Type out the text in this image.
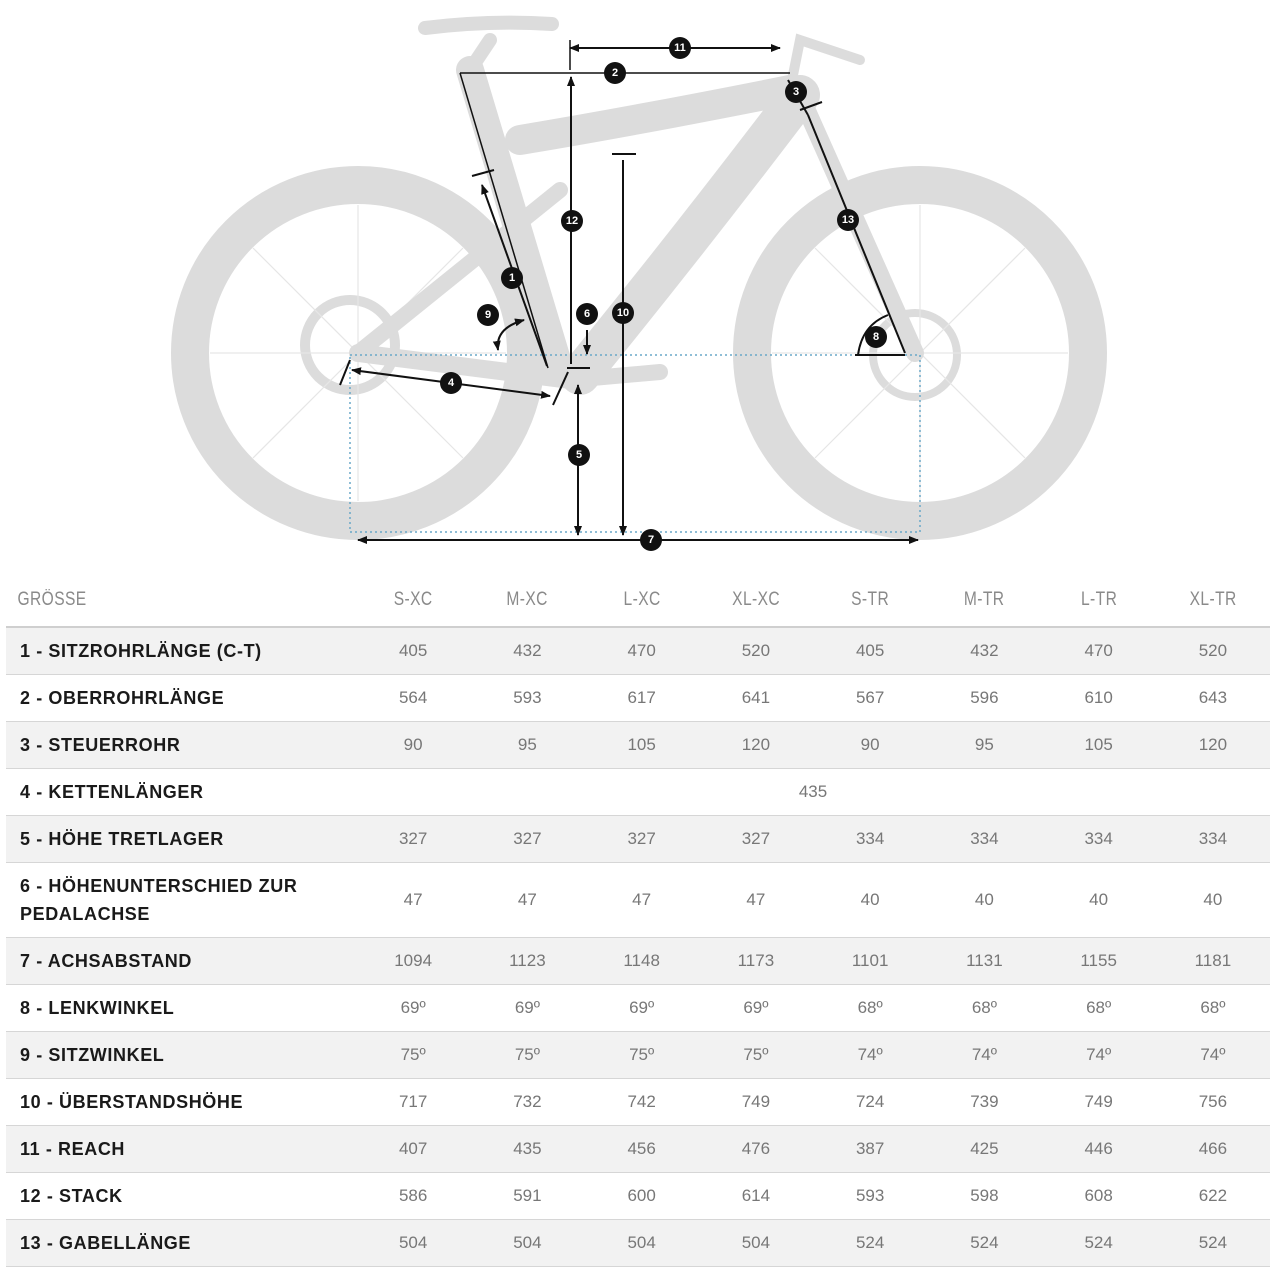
11
2
3
12	13
1
9	6 10
8
4
5
7
GRÖSSE	S-XC	M-XC	L-XC	XL-XC	S-TR	M-TR	L-TR	XL-TR
1 - SITZROHRLÄNGE (C-T)	405	432	470	520	405	432	470	520
2 - OBERROHRLÄNGE	564	593	617	641	567	596	610	643
3 - STEUERROHR	90	95	105	120	90	95	105	120
4 - KETTENLÄNGER	435							
5 - HÖHE TRETLAGER	327	327	327	327	334	334	334	334
6 - HÖHENUNTERSCHIED ZUR PEDALACHSE	47	47	47	47	40	40	40	40
7 - ACHSABSTAND	1094	1123	1148	1173	1101	1131	1155	1181
8 - LENKWINKEL	69º	69º	69º	69º	68º	68º	68º	68º
9 - SITZWINKEL	75º	75º	75º	75º	74º	74º	74º	74º
10 - ÜBERSTANDSHÖHE	717	732	742	749	724	739	749	756
11 - REACH	407	435	456	476	387	425	446	466
12 - STACK	586	591	600	614	593	598	608	622
13 - GABELLÄNGE	504	504	504	504	524	524	524	524
